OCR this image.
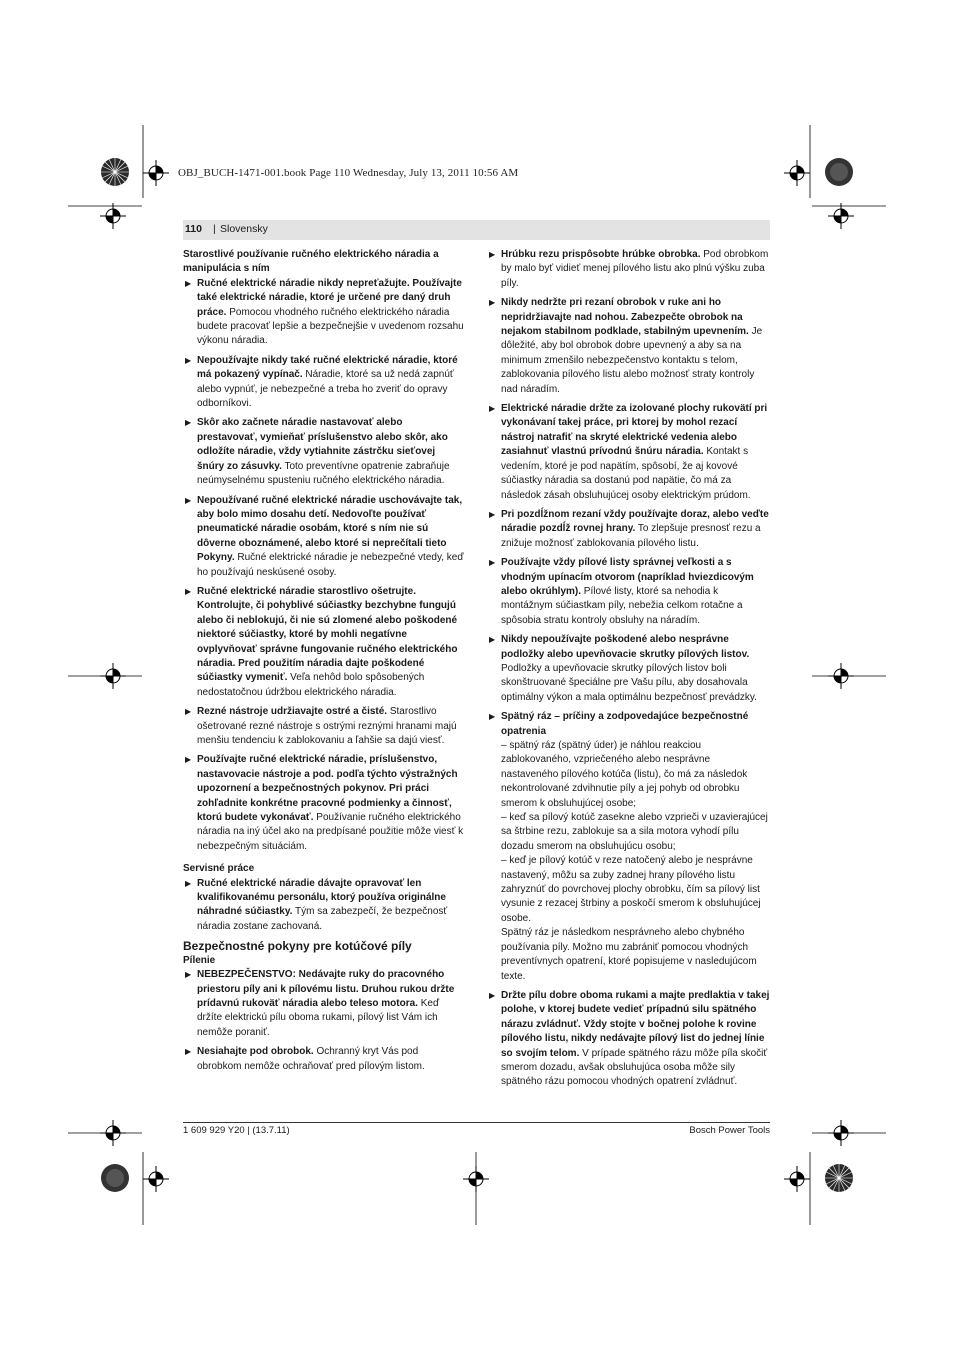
OBJ_BUCH-1471-001.book Page 110 Wednesday, July 13, 2011 10:56 AM
110 | Slovensky

Starostlivé používanie ručného elektrického náradia a manipulácia s ním

▶ Ručné elektrické náradie nikdy nepreťažujte. Používajte také elektrické náradie, ktoré je určené pre daný druh práce. Pomocou vhodného ručného elektrického náradia budete pracovať lepšie a bezpečnejšie v uvedenom rozsahu výkonu náradia.
▶ Nepoužívajte nikdy také ručné elektrické náradie, ktoré má pokazený vypínač. Náradie, ktoré sa už nedá zapnúť alebo vypnúť, je nebezpečné a treba ho zveriť do opravy odborníkovi.
▶ Skôr ako začnete náradie nastavovať alebo prestavovať, vymieňať príslušenstvo alebo skôr, ako odložíte náradie, vždy vytiahnite zástrčku sieťovej šnúry zo zásuvky. Toto preventívne opatrenie zabraňuje neúmyselnému spusteniu ručného elektrického náradia.
▶ Nepoužívané ručné elektrické náradie uschovávajte tak, aby bolo mimo dosahu detí. Nedovoľte používať pneumatické náradie osobám, ktoré s ním nie sú dôverne oboznámené, alebo ktoré si neprečítali tieto Pokyny. Ručné elektrické náradie je nebezpečné vtedy, keď ho používajú neskúsené osoby.
▶ Ručné elektrické náradie starostlivo ošetrujte. Kontrolujte, či pohyblivé súčiastky bezchybne fungujú alebo či neblokujú, či nie sú zlomené alebo poškodené niektoré súčiastky, ktoré by mohli negatívne ovplyvňovať správne fungovanie ručného elektrického náradia. Pred použitím náradia dajte poškodené súčiastky vymeniť. Veľa nehôd bolo spôsobených nedostatočnou údržbou elektrického náradia.
▶ Rezné nástroje udržiavajte ostré a čisté. Starostlivo ošetrované rezné nástroje s ostrými reznými hranami majú menšiu tendenciu k zablokovaniu a ľahšie sa dajú viesť.
▶ Používajte ručné elektrické náradie, príslušenstvo, nastavovacie nástroje a pod. podľa týchto výstražných upozornení a bezpečnostných pokynov. Pri práci zohľadnite konkrétne pracovné podmienky a činnosť, ktorú budete vykonávať. Používanie ručného elektrického náradia na iný účel ako na predpísané použitie môže viesť k nebezpečným situáciám.

Servisné práce

▶ Ručné elektrické náradie dávajte opravovať len kvalifikovanému personálu, ktorý používa originálne náhradné súčiastky. Tým sa zabezpečí, že bezpečnosť náradia zostane zachovaná.

Bezpečnostné pokyny pre kotúčové píly

Pílenie

▶ NEBEZPEČENSTVO: Nedávajte ruky do pracovného priestoru píly ani k pílovému listu. Druhou rukou držte prídavnú rukoväť náradia alebo teleso motora. Keď držíte elektrickú pílu oboma rukami, pílový list Vám ich nemôže poraniť.
▶ Nesiahajte pod obrobok. Ochranný kryt Vás pod obrobkom nemôže ochraňovať pred pílovým listom.
▶ Hrúbku rezu prispôsobte hrúbke obrobka. Pod obrobkom by malo byť vidieť menej pílového listu ako plnú výšku zuba píly.
▶ Nikdy nedržte pri rezaní obrobok v ruke ani ho nepridržiavajte nad nohou. Zabezpečte obrobok na nejakom stabilnom podklade, stabilným upevnením. Je dôležité, aby bol obrobok dobre upevnený a aby sa na minimum zmenšilo nebezpečenstvo kontaktu s telom, zablokovania pílového listu alebo možnosť straty kontroly nad náradím.
▶ Elektrické náradie držte za izolované plochy rukovätí pri vykonávaní takej práce, pri ktorej by mohol rezací nástroj natrafiť na skryté elektrické vedenia alebo zasiahnuť vlastnú prívodnú šnúru náradia. Kontakt s vedením, ktoré je pod napätím, spôsobí, že aj kovové súčiastky náradia sa dostanú pod napätie, čo má za následok zásah obsluhujúcej osoby elektrickým prúdom.
▶ Pri pozdĺžnom rezaní vždy používajte doraz, alebo veďte náradie pozdĺž rovnej hrany. To zlepšuje presnosť rezu a znižuje možnosť zablokovania pílového listu.
▶ Používajte vždy pílové listy správnej veľkosti a s vhodným upínacím otvorom (napríklad hviezdicovým alebo okrúhlym). Pílové listy, ktoré sa nehodia k montážnym súčiastkam píly, nebežia celkom rotačne a spôsobia stratu kontroly obsluhy na náradím.
▶ Nikdy nepoužívajte poškodené alebo nesprávne podložky alebo upevňovacie skrutky pílových listov. Podložky a upevňovacie skrutky pílových listov boli skonštruované špeciálne pre Vašu pílu, aby dosahovala optimálny výkon a mala optimálnu bezpečnosť prevádzky.
▶ Spätný ráz – príčiny a zodpovedajúce bezpečnostné opatrenia

– spätný ráz (spätný úder) je náhlou reakciou zablokovaného, vzpriečeného alebo nesprávne nastaveného pílového kotúča (listu), čo má za následok nekontrolované zdvihnutie píly a jej pohyb od obrobku smerom k obsluhujúcej osobe;

– keď sa pílový kotúč zasekne alebo vzprieči v uzavierajúcej sa štrbine rezu, zablokuje sa a sila motora vyhodí pílu dozadu smerom na obsluhujúcu osobu;

– keď je pílový kotúč v reze natočený alebo je nesprávne nastavený, môžu sa zuby zadnej hrany pílového listu zahryznúť do povrchovej plochy obrobku, čím sa pílový list vysunie z rezacej štrbiny a poskočí smerom k obsluhujúcej osobe.

Spätný ráz je následkom nesprávneho alebo chybného používania píly. Možno mu zabrániť pomocou vhodných preventívnych opatrení, ktoré popisujeme v nasledujúcom texte.

▶ Držte pílu dobre oboma rukami a majte predlaktia v takej polohe, v ktorej budete vedieť prípadnú silu spätného nárazu zvládnuť. Vždy stojte v bočnej polohe k rovine pílového listu, nikdy nedávajte pílový list do jednej línie so svojím telom. V prípade spätného rázu môže píla skočiť smerom dozadu, avšak obsluhujúca osoba môže sily spätného rázu pomocou vhodných opatrení zvládnuť.
1 609 929 Y20 | (13.7.11)	Bosch Power Tools
